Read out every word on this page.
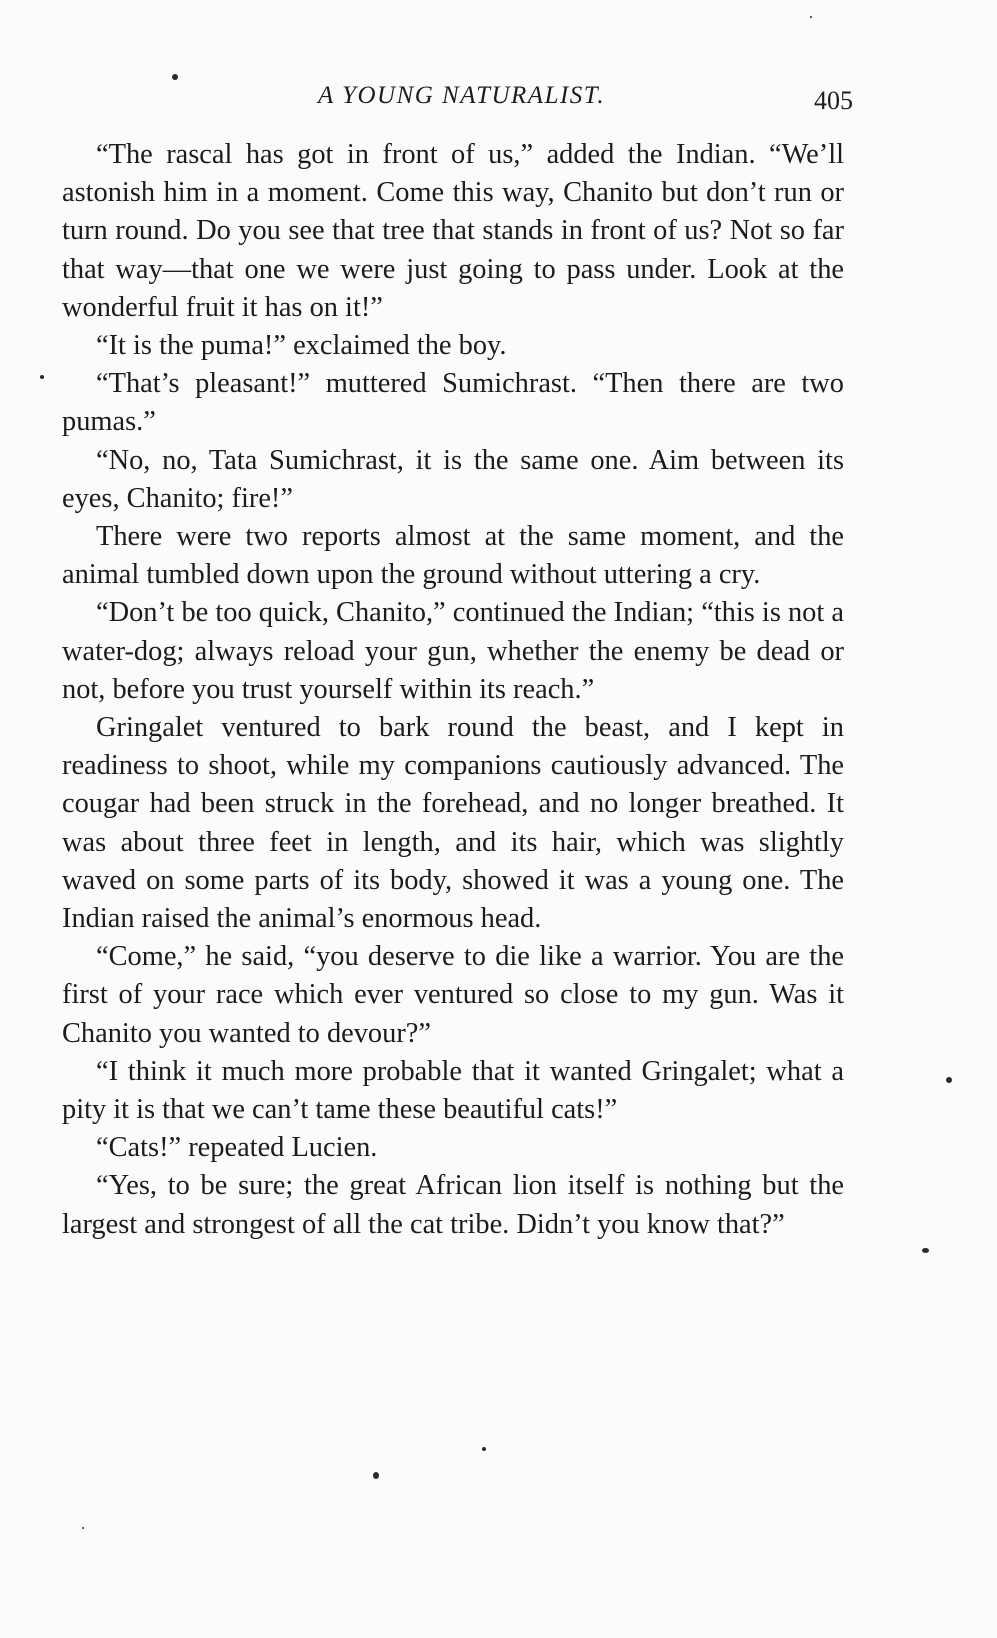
A YOUNG NATURALIST.	405

“The rascal has got in front of us,” added the Indian. “We’ll astonish him in a moment. Come this way, Chanito but don’t run or turn round. Do you see that tree that stands in front of us? Not so far that way—that one we were just going to pass under. Look at the wonderful fruit it has on it!”

“It is the puma!” exclaimed the boy.

“That’s pleasant!” muttered Sumichrast. “Then there are two pumas.”

“No, no, Tata Sumichrast, it is the same one. Aim between its eyes, Chanito; fire!”

There were two reports almost at the same moment, and the animal tumbled down upon the ground without uttering a cry.

“Don’t be too quick, Chanito,” continued the Indian; “this is not a water-dog; always reload your gun, whether the enemy be dead or not, before you trust yourself within its reach.”

Gringalet ventured to bark round the beast, and I kept in readiness to shoot, while my companions cautiously advanced. The cougar had been struck in the forehead, and no longer breathed. It was about three feet in length, and its hair, which was slightly waved on some parts of its body, showed it was a young one. The Indian raised the animal’s enormous head.

“Come,” he said, “you deserve to die like a warrior. You are the first of your race which ever ventured so close to my gun. Was it Chanito you wanted to devour?”

“I think it much more probable that it wanted Gringalet; what a pity it is that we can’t tame these beautiful cats!”

“Cats!” repeated Lucien.

“Yes, to be sure; the great African lion itself is nothing but the largest and strongest of all the cat tribe. Didn’t you know that?”
